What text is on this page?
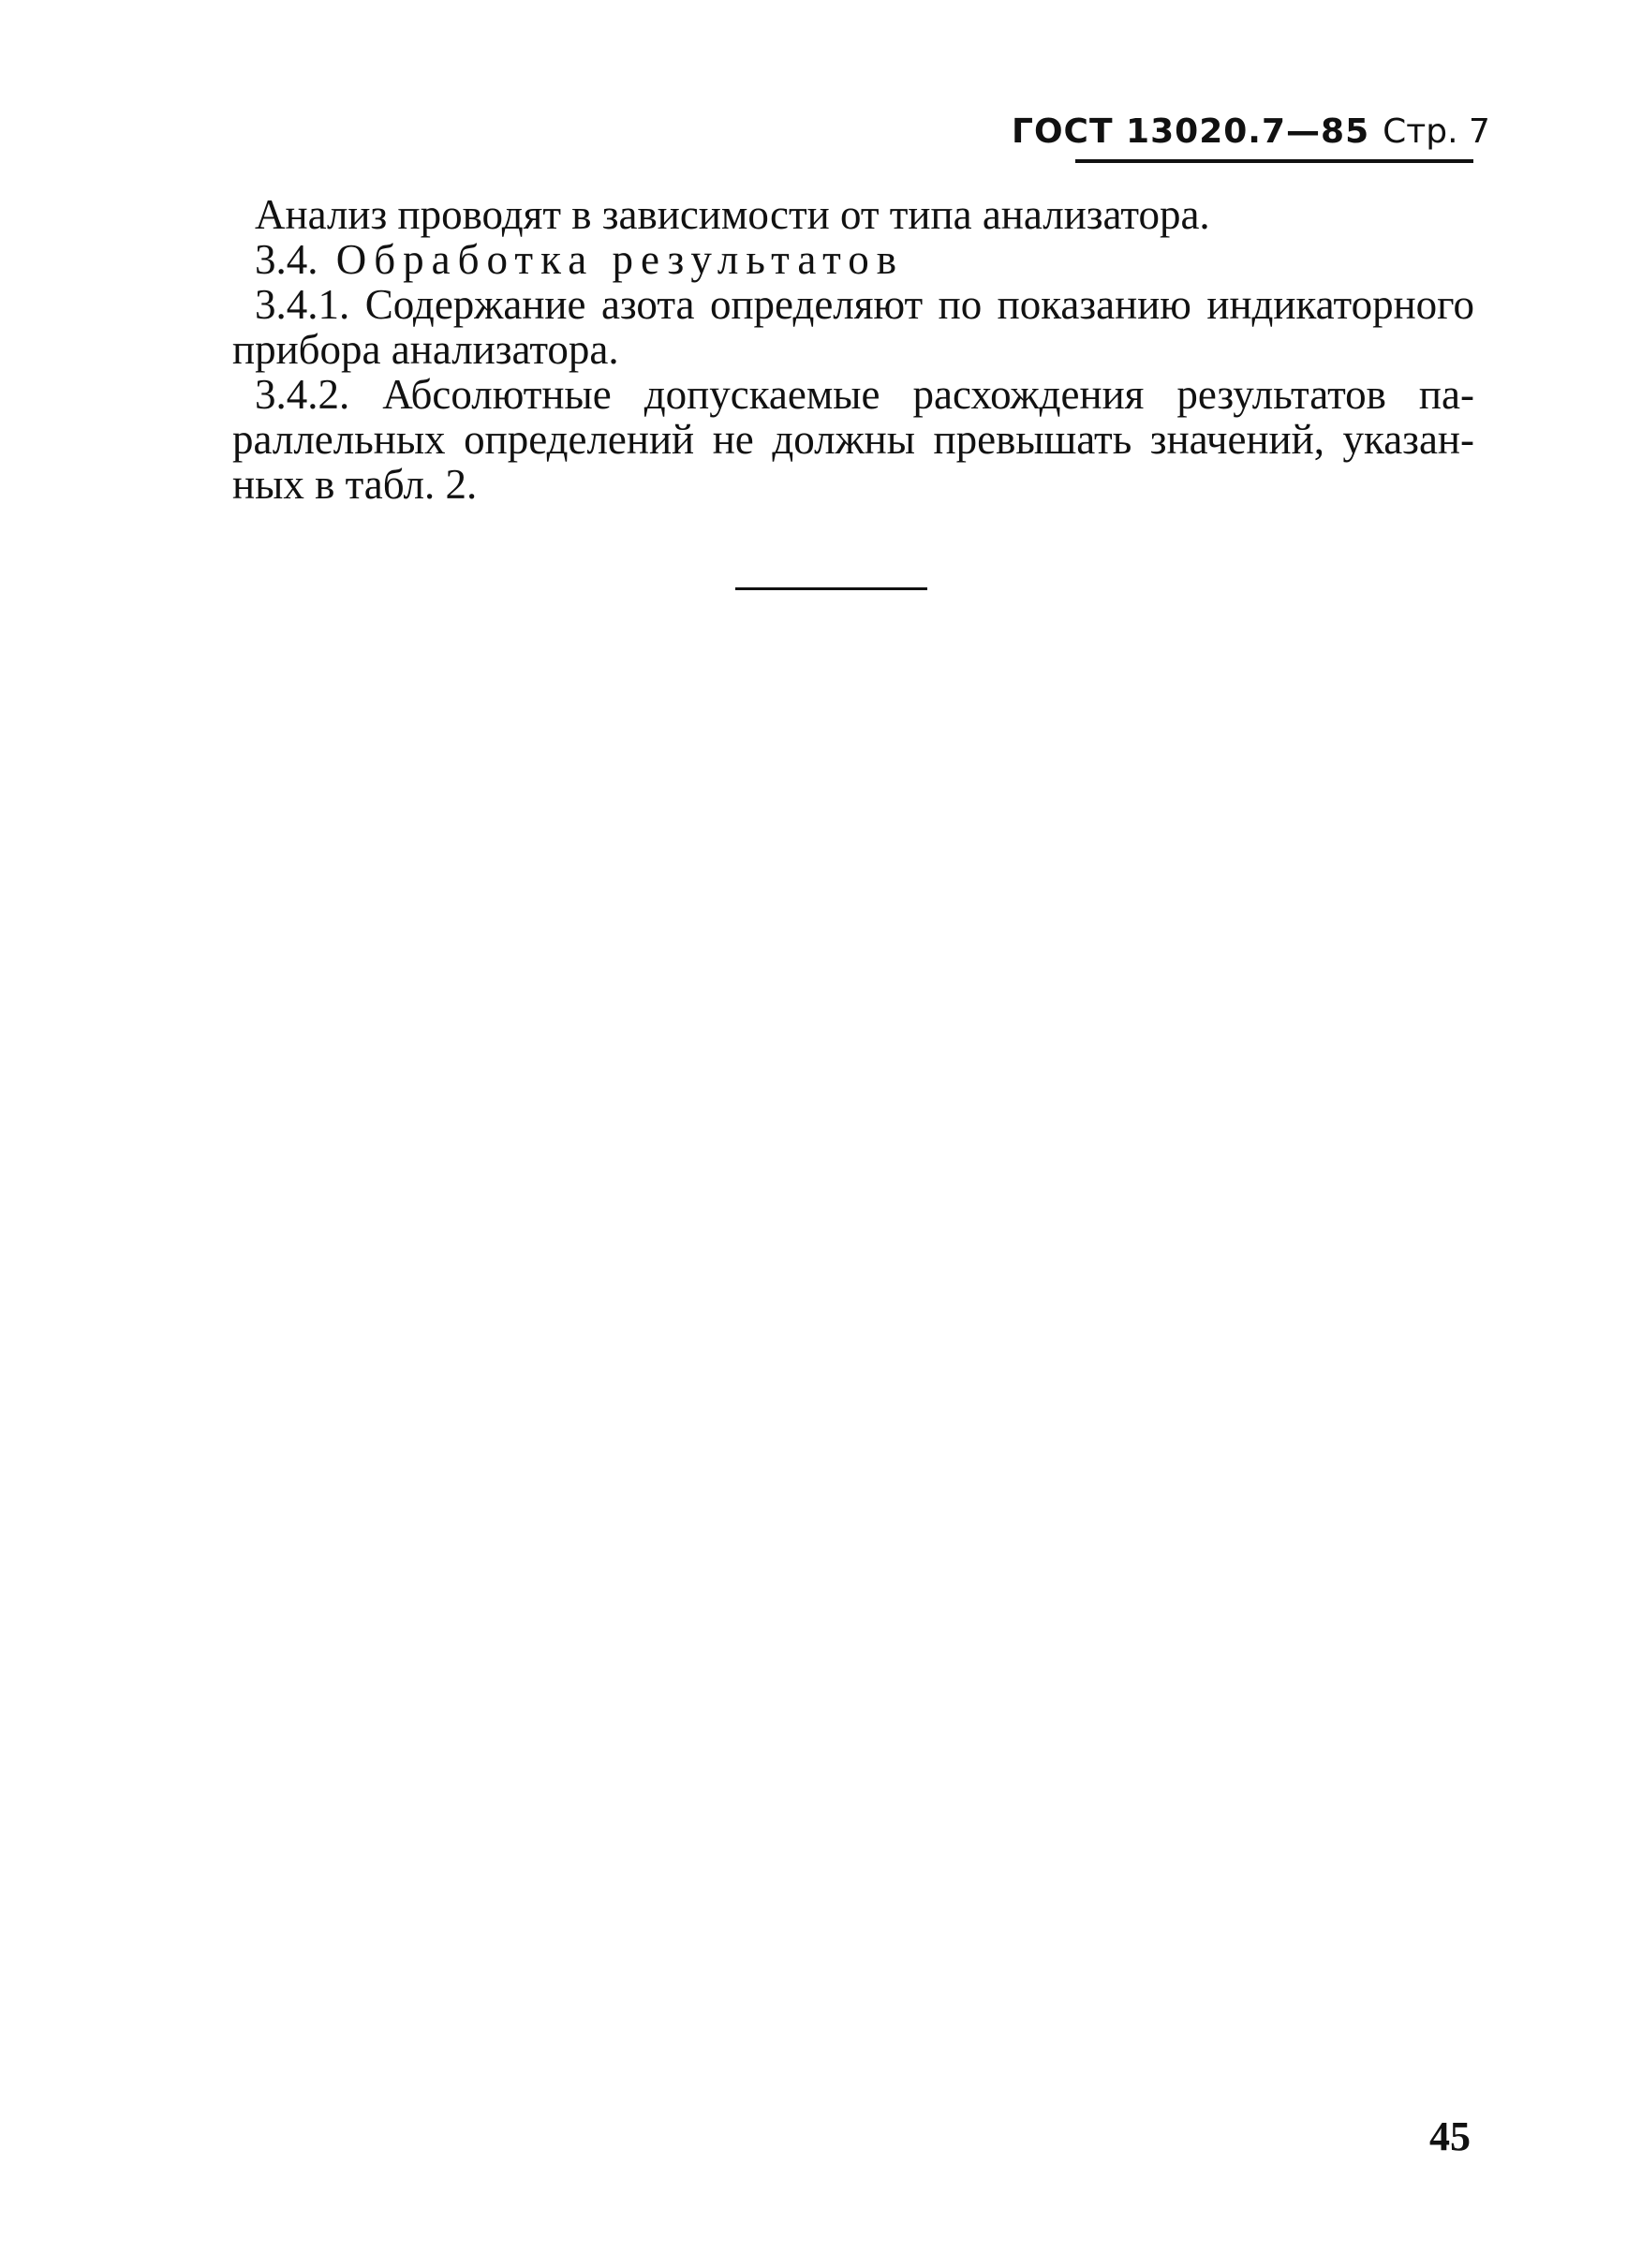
ГОСТ 13020.7—85 Стр. 7

Анализ проводят в зависимости от типа анализатора.

3.4. Обработка результатов

3.4.1. Содержание азота определяют по показанию индикаторного прибора анализатора.

3.4.2. Абсолютные допускаемые расхождения результатов параллельных определений не должны превышать значений, указанных в табл. 2.

45
